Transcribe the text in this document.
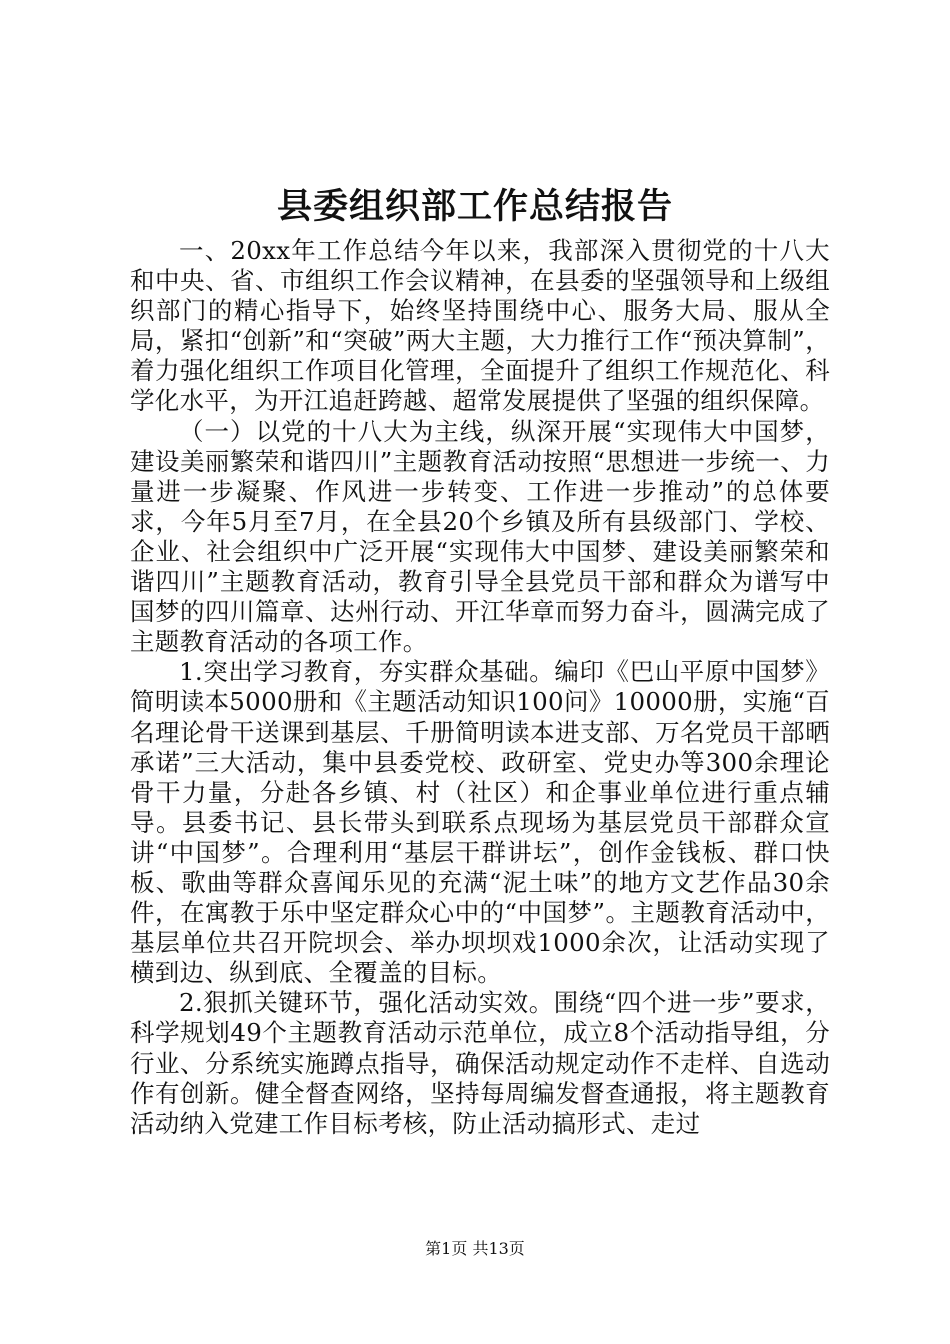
县委组织部工作总结报告

一、20xx年工作总结今年以来，我部深入贯彻党的十八大和中央、省、市组织工作会议精神，在县委的坚强领导和上级组织部门的精心指导下，始终坚持围绕中心、服务大局、服从全局，紧扣“创新”和“突破”两大主题，大力推行工作“预决算制”，着力强化组织工作项目化管理，全面提升了组织工作规范化、科学化水平，为开江追赶跨越、超常发展提供了坚强的组织保障。

（一）以党的十八大为主线，纵深开展“实现伟大中国梦，建设美丽繁荣和谐四川”主题教育活动按照“思想进一步统一、力量进一步凝聚、作风进一步转变、工作进一步推动”的总体要求，今年5月至7月，在全县20个乡镇及所有县级部门、学校、企业、社会组织中广泛开展“实现伟大中国梦、建设美丽繁荣和谐四川”主题教育活动，教育引导全县党员干部和群众为谱写中国梦的四川篇章、达州行动、开江华章而努力奋斗，圆满完成了主题教育活动的各项工作。

1.突出学习教育，夯实群众基础。编印《巴山平原中国梦》简明读本5000册和《主题活动知识100问》10000册，实施“百名理论骨干送课到基层、千册简明读本进支部、万名党员干部晒承诺”三大活动，集中县委党校、政研室、党史办等300余理论骨干力量，分赴各乡镇、村（社区）和企事业单位进行重点辅导。县委书记、县长带头到联系点现场为基层党员干部群众宣讲“中国梦”。合理利用“基层干群讲坛”，创作金钱板、群口快板、歌曲等群众喜闻乐见的充满“泥土味”的地方文艺作品30余件，在寓教于乐中坚定群众心中的“中国梦”。主题教育活动中，基层单位共召开院坝会、举办坝坝戏1000余次，让活动实现了横到边、纵到底、全覆盖的目标。

2.狠抓关键环节，强化活动实效。围绕“四个进一步”要求，科学规划49个主题教育活动示范单位，成立8个活动指导组，分行业、分系统实施蹲点指导，确保活动规定动作不走样、自选动作有创新。健全督查网络，坚持每周编发督查通报，将主题教育活动纳入党建工作目标考核，防止活动搞形式、走过

第1页 共13页
